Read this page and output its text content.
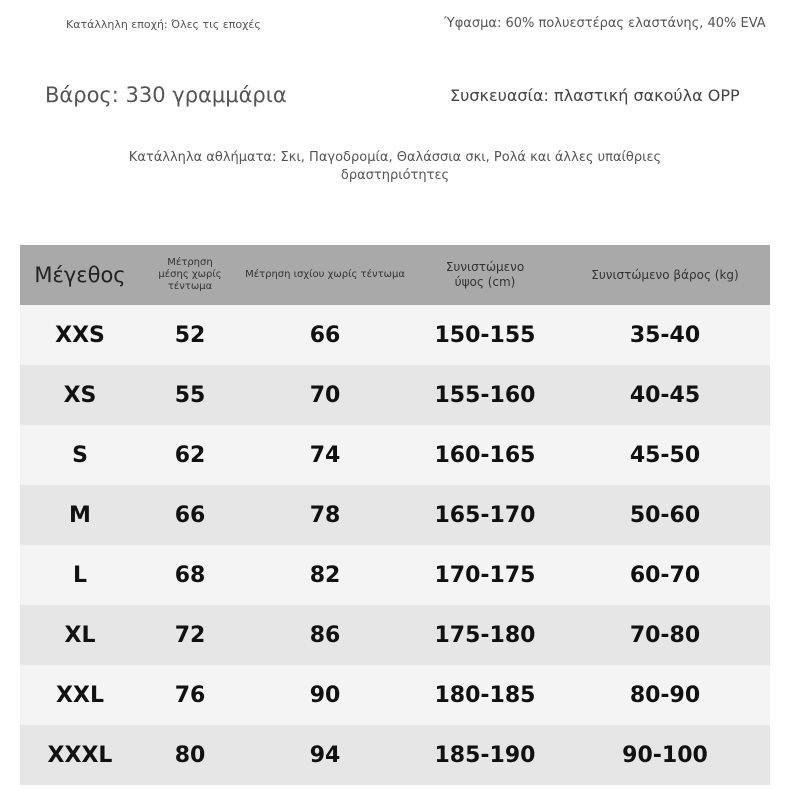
Κατάλληλη εποχή: Όλες τις εποχές	Ύφασμα: 60% πολυεστέρας ελαστάνης, 40% EVA
Βάρος: 330 γραμμάρια	Συσκευασία: πλαστική σακούλα OPP
Κατάλληλα αθλήματα: Σκι, Παγοδρομία, Θαλάσσια σκι, Ρολά και άλλες υπαίθριες
δραστηριότητες
Μέγεθος	Μέτρηση μέσης χωρίς τέντωμα	Μέτρηση ισχίου χωρίς τέντωμα	Συνιστώμενο ύψος (cm)	Συνιστώμενο βάρος (kg)
XXS	52	66	150-155	35-40
XS	55	70	155-160	40-45
S	62	74	160-165	45-50
M	66	78	165-170	50-60
L	68	82	170-175	60-70
XL	72	86	175-180	70-80
XXL	76	90	180-185	80-90
XXXL	80	94	185-190	90-100
